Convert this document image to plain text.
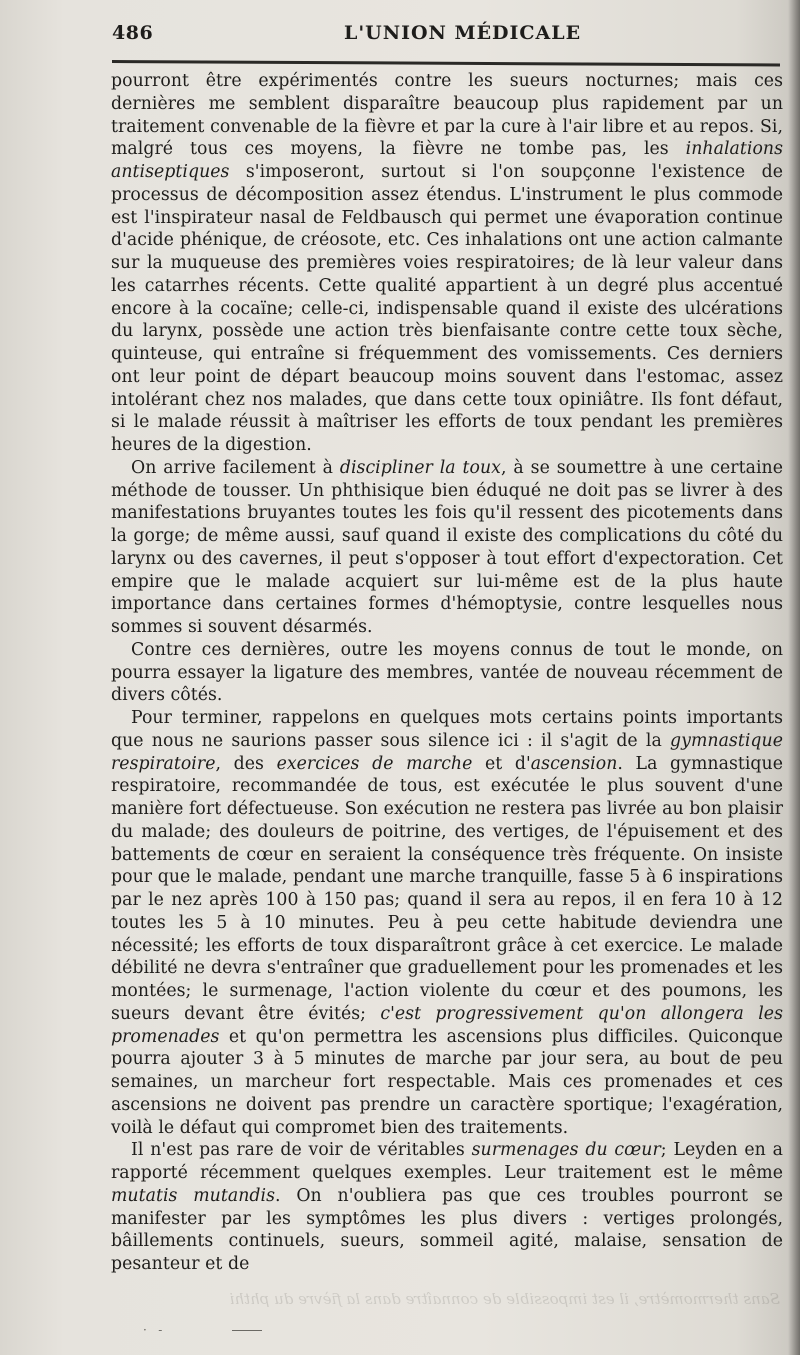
486	L'UNION MÉDICALE

pourront être expérimentés contre les sueurs nocturnes; mais ces dernières me semblent disparaître beaucoup plus rapidement par un traitement convenable de la fièvre et par la cure à l'air libre et au repos. Si, malgré tous ces moyens, la fièvre ne tombe pas, les inhalations antiseptiques s'imposeront, surtout si l'on soupçonne l'existence de processus de décomposition assez étendus. L'instrument le plus commode est l'inspirateur nasal de Feldbausch qui permet une évaporation continue d'acide phénique, de créosote, etc. Ces inhalations ont une action calmante sur la muqueuse des premières voies respiratoires; de là leur valeur dans les catarrhes récents. Cette qualité appartient à un degré plus accentué encore à la cocaïne; celle-ci, indispensable quand il existe des ulcérations du larynx, possède une action très bienfaisante contre cette toux sèche, quinteuse, qui entraîne si fréquemment des vomissements. Ces derniers ont leur point de départ beaucoup moins souvent dans l'estomac, assez intolérant chez nos malades, que dans cette toux opiniâtre. Ils font défaut, si le malade réussit à maîtriser les efforts de toux pendant les premières heures de la digestion.

On arrive facilement à discipliner la toux, à se soumettre à une certaine méthode de tousser. Un phthisique bien éduqué ne doit pas se livrer à des manifestations bruyantes toutes les fois qu'il ressent des picotements dans la gorge; de même aussi, sauf quand il existe des complications du côté du larynx ou des cavernes, il peut s'opposer à tout effort d'expectoration. Cet empire que le malade acquiert sur lui-même est de la plus haute importance dans certaines formes d'hémoptysie, contre lesquelles nous sommes si souvent désarmés.

Contre ces dernières, outre les moyens connus de tout le monde, on pourra essayer la ligature des membres, vantée de nouveau récemment de divers côtés.

Pour terminer, rappelons en quelques mots certains points importants que nous ne saurions passer sous silence ici : il s'agit de la gymnastique respiratoire, des exercices de marche et d'ascension. La gymnastique respiratoire, recommandée de tous, est exécutée le plus souvent d'une manière fort défectueuse. Son exécution ne restera pas livrée au bon plaisir du malade; des douleurs de poitrine, des vertiges, de l'épuisement et des battements de cœur en seraient la conséquence très fréquente. On insiste pour que le malade, pendant une marche tranquille, fasse 5 à 6 inspirations par le nez après 100 à 150 pas; quand il sera au repos, il en fera 10 à 12 toutes les 5 à 10 minutes. Peu à peu cette habitude deviendra une nécessité; les efforts de toux disparaîtront grâce à cet exercice. Le malade débilité ne devra s'entraîner que graduellement pour les promenades et les montées; le surmenage, l'action violente du cœur et des poumons, les sueurs devant être évités; c'est progressivement qu'on allongera les promenades et qu'on permettra les ascensions plus difficiles. Quiconque pourra ajouter 3 à 5 minutes de marche par jour sera, au bout de peu semaines, un marcheur fort respectable. Mais ces promenades et ces ascensions ne doivent pas prendre un caractère sportique; l'exagération, voilà le défaut qui compromet bien des traitements.

Il n'est pas rare de voir de véritables surmenages du cœur; Leyden en a rapporté récemment quelques exemples. Leur traitement est le même mutatis mutandis. On n'oubliera pas que ces troubles pourront se manifester par les symptômes les plus divers : vertiges prolongés, bâillements continuels, sueurs, sommeil agité, malaise, sensation de pesanteur et de

Sans thermomètre, il est impossible de connaître dans la fièvre du phthi
·   ‑
